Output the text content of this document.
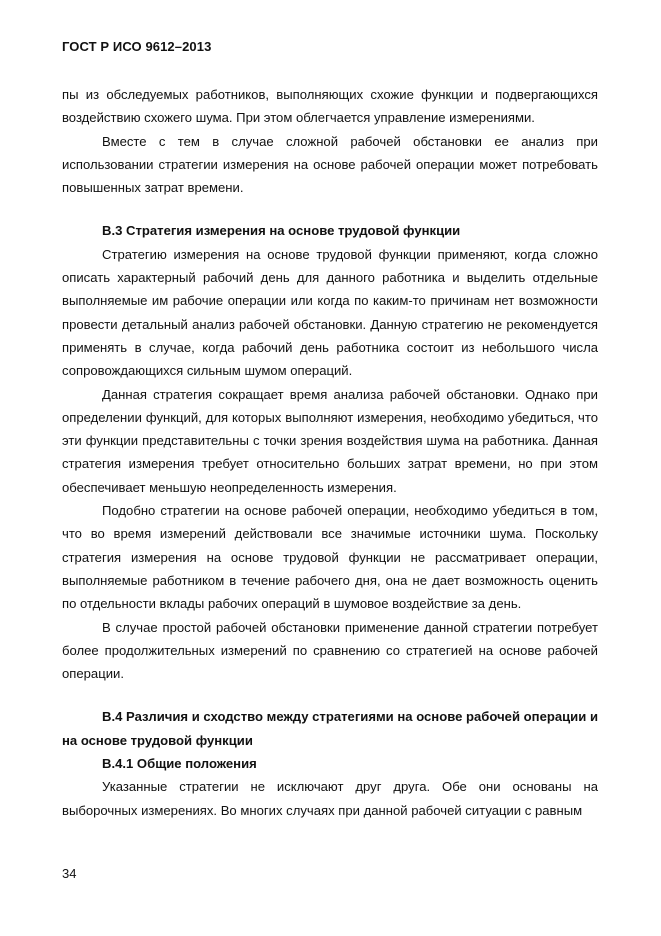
ГОСТ Р ИСО 9612–2013

пы из обследуемых работников, выполняющих схожие функции и подвергающихся воздействию схожего шума. При этом облегчается управление измерениями.

Вместе с тем в случае сложной рабочей обстановки ее анализ при использовании стратегии измерения на основе рабочей операции может потребовать повышенных затрат времени.

В.3 Стратегия измерения на основе трудовой функции

Стратегию измерения на основе трудовой функции применяют, когда сложно описать характерный рабочий день для данного работника и выделить отдельные выполняемые им рабочие операции или когда по каким-то причинам нет возможности провести детальный анализ рабочей обстановки. Данную стратегию не рекомендуется применять в случае, когда рабочий день работника состоит из небольшого числа сопровождающихся сильным шумом операций.

Данная стратегия сокращает время анализа рабочей обстановки. Однако при определении функций, для которых выполняют измерения, необходимо убедиться, что эти функции представительны с точки зрения воздействия шума на работника. Данная стратегия измерения требует относительно больших затрат времени, но при этом обеспечивает меньшую неопределенность измерения.

Подобно стратегии на основе рабочей операции, необходимо убедиться в том, что во время измерений действовали все значимые источники шума. Поскольку стратегия измерения на основе трудовой функции не рассматривает операции, выполняемые работником в течение рабочего дня, она не дает возможность оценить по отдельности вклады рабочих операций в шумовое воздействие за день.

В случае простой рабочей обстановки применение данной стратегии потребует более продолжительных измерений по сравнению со стратегией на основе рабочей операции.

В.4 Различия и сходство между стратегиями на основе рабочей операции и на основе трудовой функции
В.4.1 Общие положения

Указанные стратегии не исключают друг друга. Обе они основаны на выборочных измерениях. Во многих случаях при данной рабочей ситуации с равным

34
